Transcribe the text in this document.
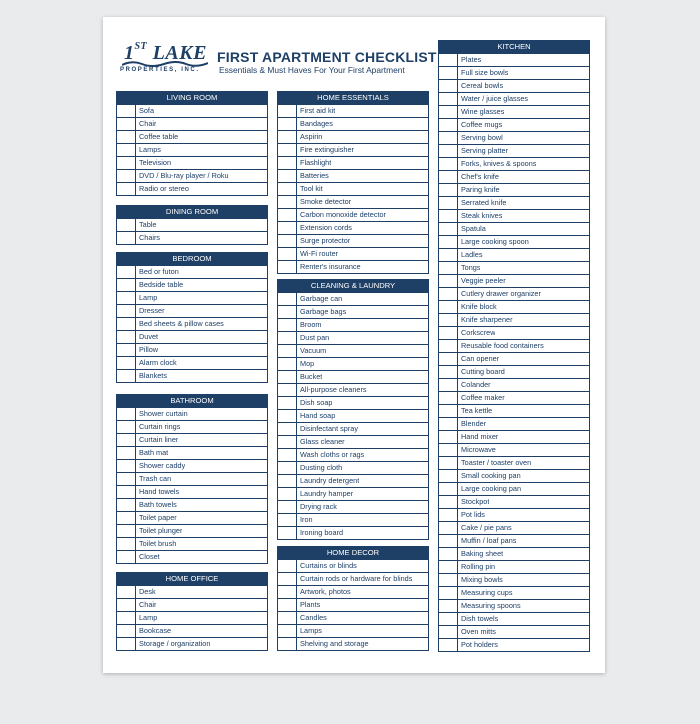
1ST LAKE
PROPERTIES, INC.
FIRST APARTMENT CHECKLIST
Essentials & Must Haves For Your First Apartment
LIVING ROOM
Sofa
Chair
Coffee table
Lamps
Television
DVD / Blu-ray player / Roku
Radio or stereo
DINING ROOM
Table
Chairs
BEDROOM
Bed or futon
Bedside table
Lamp
Dresser
Bed sheets & pillow cases
Duvet
Pillow
Alarm clock
Blankets
BATHROOM
Shower curtain
Curtain rings
Curtain liner
Bath mat
Shower caddy
Trash can
Hand towels
Bath towels
Toilet paper
Toilet plunger
Toilet brush
Closet
HOME OFFICE
Desk
Chair
Lamp
Bookcase
Storage / organization
HOME ESSENTIALS
First aid kit
Bandages
Aspirin
Fire extinguisher
Flashlight
Batteries
Tool kit
Smoke detector
Carbon monoxide detector
Extension cords
Surge protector
Wi-Fi router
Renter's insurance
CLEANING & LAUNDRY
Garbage can
Garbage bags
Broom
Dust pan
Vacuum
Mop
Bucket
All-purpose cleaners
Dish soap
Hand soap
Disinfectant spray
Glass cleaner
Wash cloths or rags
Dusting cloth
Laundry detergent
Laundry hamper
Drying rack
Iron
Ironing board
HOME DECOR
Curtains or blinds
Curtain rods or hardware for blinds
Artwork, photos
Plants
Candles
Lamps
Shelving and storage
KITCHEN
Plates
Full size bowls
Cereal bowls
Water / juice glasses
Wine glasses
Coffee mugs
Serving bowl
Serving platter
Forks, knives & spoons
Chef's knife
Paring knife
Serrated knife
Steak knives
Spatula
Large cooking spoon
Ladles
Tongs
Veggie peeler
Cutlery drawer organizer
Knife block
Knife sharpener
Corkscrew
Reusable food containers
Can opener
Cutting board
Colander
Coffee maker
Tea kettle
Blender
Hand mixer
Microwave
Toaster / toaster oven
Small cooking pan
Large cooking pan
Stockpot
Pot lids
Cake / pie pans
Muffin / loaf pans
Baking sheet
Rolling pin
Mixing bowls
Measuring cups
Measuring spoons
Dish towels
Oven mitts
Pot holders
